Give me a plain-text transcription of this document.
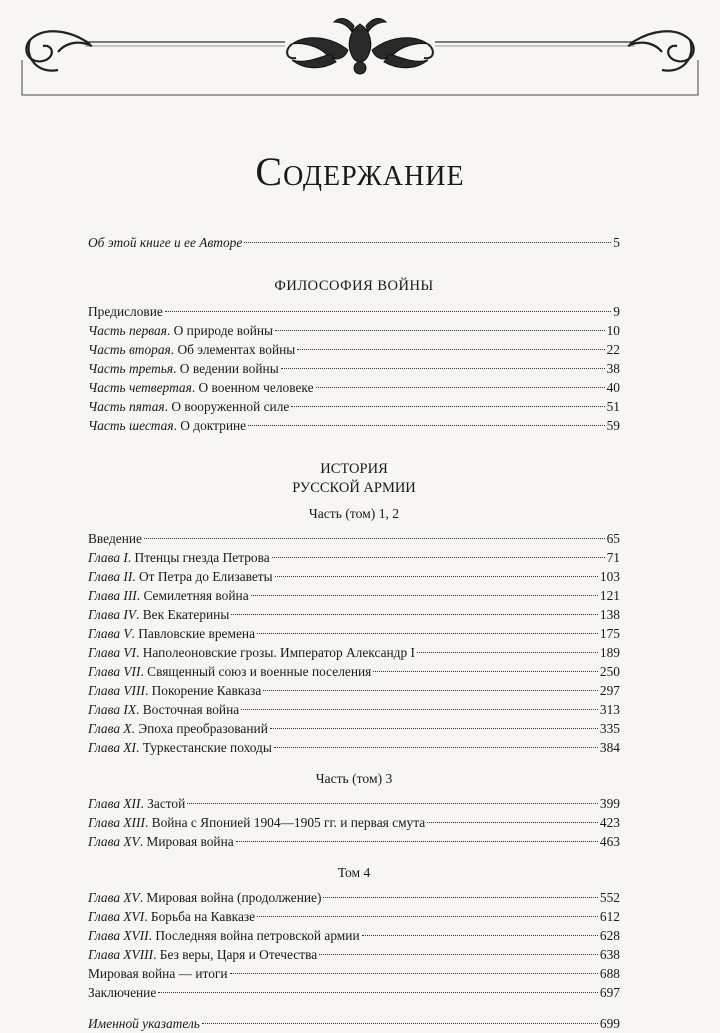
Содержание
Об этой книге и ее Авторе	5
ФИЛОСОФИЯ ВОЙНЫ
Предисловие	9
Часть первая. О природе войны	10
Часть вторая. Об элементах войны	22
Часть третья. О ведении войны	38
Часть четвертая. О военном человеке	40
Часть пятая. О вооруженной силе	51
Часть шестая. О доктрине	59
ИСТОРИЯ
РУССКОЙ АРМИИ
Часть (том) 1, 2
Введение	65
Глава I. Птенцы гнезда Петрова	71
Глава II. От Петра до Елизаветы	103
Глава III. Семилетняя война	121
Глава IV. Век Екатерины	138
Глава V. Павловские времена	175
Глава VI. Наполеоновские грозы. Император Александр I	189
Глава VII. Священный союз и военные поселения	250
Глава VIII. Покорение Кавказа	297
Глава IX. Восточная война	313
Глава X. Эпоха преобразований	335
Глава XI. Туркестанские походы	384
Часть (том) 3
Глава XII. Застой	399
Глава XIII. Война с Японией 1904—1905 гг. и первая смута	423
Глава XV. Мировая война	463
Том 4
Глава XV. Мировая война (продолжение)	552
Глава XVI. Борьба на Кавказе	612
Глава XVII. Последняя война петровской армии	628
Глава XVIII. Без веры, Царя и Отечества	638
Мировая война — итоги	688
Заключение	697
Именной указатель	699
